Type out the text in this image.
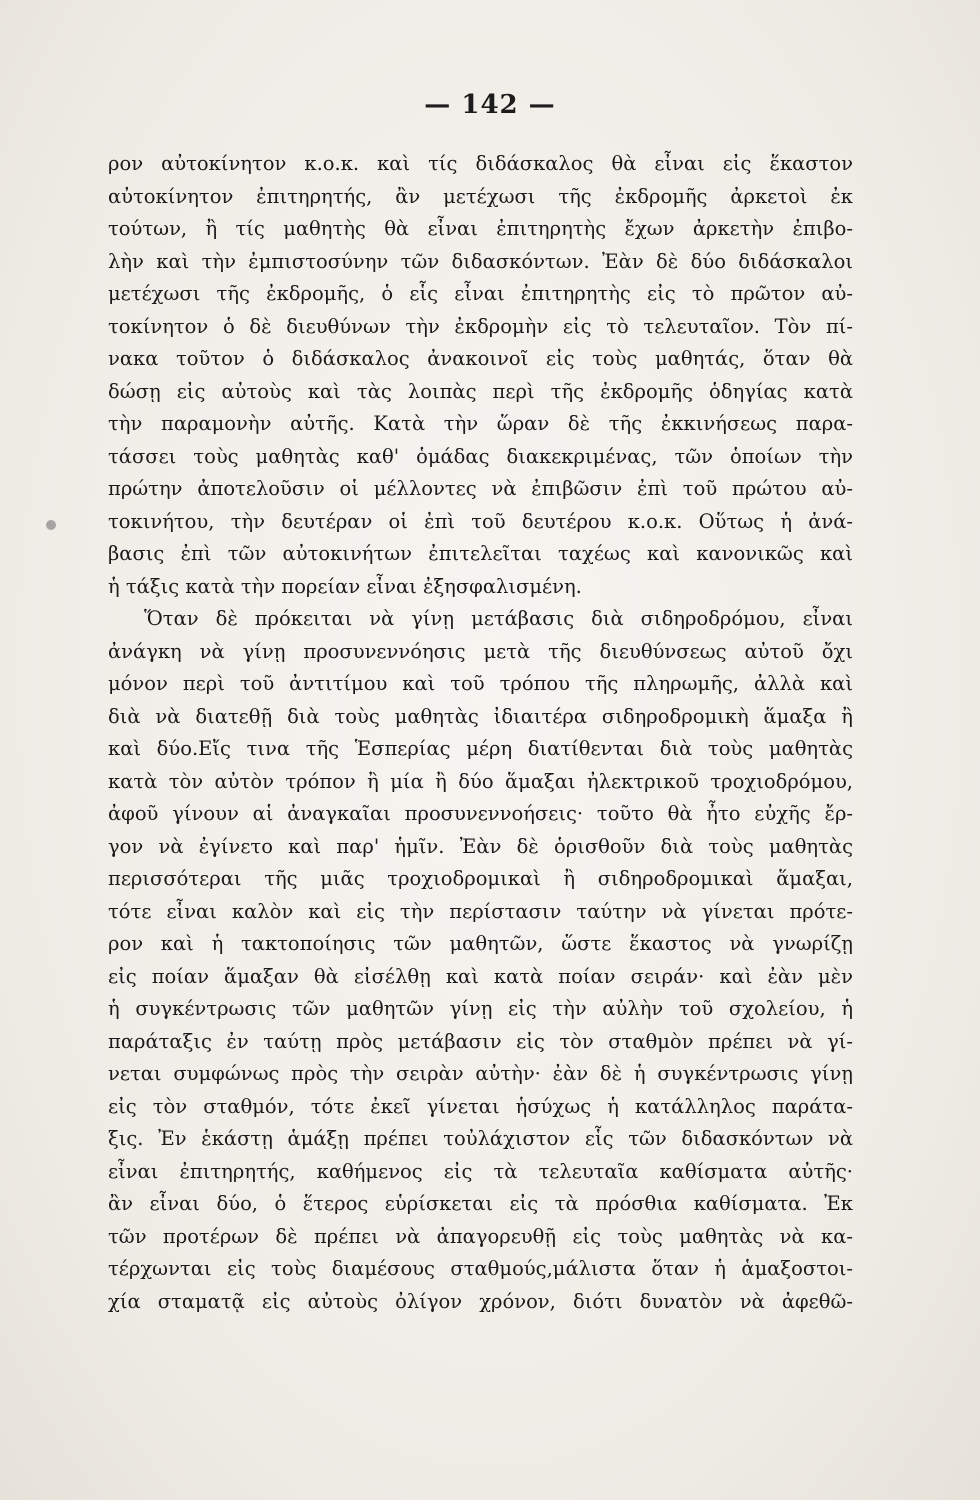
— 142 —
ρον αὐτοκίνητον κ.ο.κ. καὶ τίς διδάσκαλος θὰ εἶναι εἰς ἕκαστον
αὐτοκίνητον ἐπιτηρητής, ἂν μετέχωσι τῆς ἐκδρομῆς ἀρκετοὶ ἐκ
τούτων, ἢ τίς μαθητὴς θὰ εἶναι ἐπιτηρητὴς ἔχων ἀρκετὴν ἐπιβο-
λὴν καὶ τὴν ἐμπιστοσύνην τῶν διδασκόντων. Ἐὰν δὲ δύο διδάσκαλοι
μετέχωσι τῆς ἐκδρομῆς, ὁ εἷς εἶναι ἐπιτηρητὴς εἰς τὸ πρῶτον αὐ-
τοκίνητον ὁ δὲ διευθύνων τὴν ἐκδρομὴν εἰς τὸ τελευταῖον. Τὸν πί-
νακα τοῦτον ὁ διδάσκαλος ἀνακοινοῖ εἰς τοὺς μαθητάς, ὅταν θὰ
δώσῃ εἰς αὐτοὺς καὶ τὰς λοιπὰς περὶ τῆς ἐκδρομῆς ὁδηγίας κατὰ
τὴν παραμονὴν αὐτῆς. Κατὰ τὴν ὥραν δὲ τῆς ἐκκινήσεως παρα-
τάσσει τοὺς μαθητὰς καθ' ὁμάδας διακεκριμένας, τῶν ὁποίων τὴν
πρώτην ἀποτελοῦσιν οἱ μέλλοντες νὰ ἐπιβῶσιν ἐπὶ τοῦ πρώτου αὐ-
τοκινήτου, τὴν δευτέραν οἱ ἐπὶ τοῦ δευτέρου κ.ο.κ. Οὕτως ἡ ἀνά-
βασις ἐπὶ τῶν αὐτοκινήτων ἐπιτελεῖται ταχέως καὶ κανονικῶς καὶ
ἡ τάξις κατὰ τὴν πορείαν εἶναι ἐξησφαλισμένη.
Ὅταν δὲ πρόκειται νὰ γίνῃ μετάβασις διὰ σιδηροδρόμου, εἶναι
ἀνάγκη νὰ γίνῃ προσυνεννόησις μετὰ τῆς διευθύνσεως αὐτοῦ ὄχι
μόνον περὶ τοῦ ἀντιτίμου καὶ τοῦ τρόπου τῆς πληρωμῆς, ἀλλὰ καὶ
διὰ νὰ διατεθῇ διὰ τοὺς μαθητὰς ἰδιαιτέρα σιδηροδρομικὴ ἅμαξα ἢ
καὶ δύο.Εἴς τινα τῆς Ἑσπερίας μέρη διατίθενται διὰ τοὺς μαθητὰς
κατὰ τὸν αὐτὸν τρόπον ἢ μία ἢ δύο ἅμαξαι ἠλεκτρικοῦ τροχιοδρόμου,
ἀφοῦ γίνουν αἱ ἀναγκαῖαι προσυνεννοήσεις· τοῦτο θὰ ἦτο εὐχῆς ἔρ-
γον νὰ ἐγίνετο καὶ παρ' ἡμῖν. Ἐὰν δὲ ὁρισθοῦν διὰ τοὺς μαθητὰς
περισσότεραι τῆς μιᾶς τροχιοδρομικαὶ ἢ σιδηροδρομικαὶ ἅμαξαι,
τότε εἶναι καλὸν καὶ εἰς τὴν περίστασιν ταύτην νὰ γίνεται πρότε-
ρον καὶ ἡ τακτοποίησις τῶν μαθητῶν, ὥστε ἕκαστος νὰ γνωρίζῃ
εἰς ποίαν ἅμαξαν θὰ εἰσέλθῃ καὶ κατὰ ποίαν σειράν· καὶ ἐὰν μὲν
ἡ συγκέντρωσις τῶν μαθητῶν γίνῃ εἰς τὴν αὐλὴν τοῦ σχολείου, ἡ
παράταξις ἐν ταύτῃ πρὸς μετάβασιν εἰς τὸν σταθμὸν πρέπει νὰ γί-
νεται συμφώνως πρὸς τὴν σειρὰν αὐτὴν· ἐὰν δὲ ἡ συγκέντρωσις γίνῃ
εἰς τὸν σταθμόν, τότε ἐκεῖ γίνεται ἡσύχως ἡ κατάλληλος παράτα-
ξις. Ἐν ἑκάστῃ ἁμάξῃ πρέπει τοὐλάχιστον εἷς τῶν διδασκόντων νὰ
εἶναι ἐπιτηρητής, καθήμενος εἰς τὰ τελευταῖα καθίσματα αὐτῆς·
ἂν εἶναι δύο, ὁ ἕτερος εὑρίσκεται εἰς τὰ πρόσθια καθίσματα. Ἐκ
τῶν προτέρων δὲ πρέπει νὰ ἀπαγορευθῇ εἰς τοὺς μαθητὰς νὰ κα-
τέρχωνται εἰς τοὺς διαμέσους σταθμούς,μάλιστα ὅταν ἡ ἁμαξοστοι-
χία σταματᾷ εἰς αὐτοὺς ὀλίγον χρόνον, διότι δυνατὸν νὰ ἀφεθῶ-
